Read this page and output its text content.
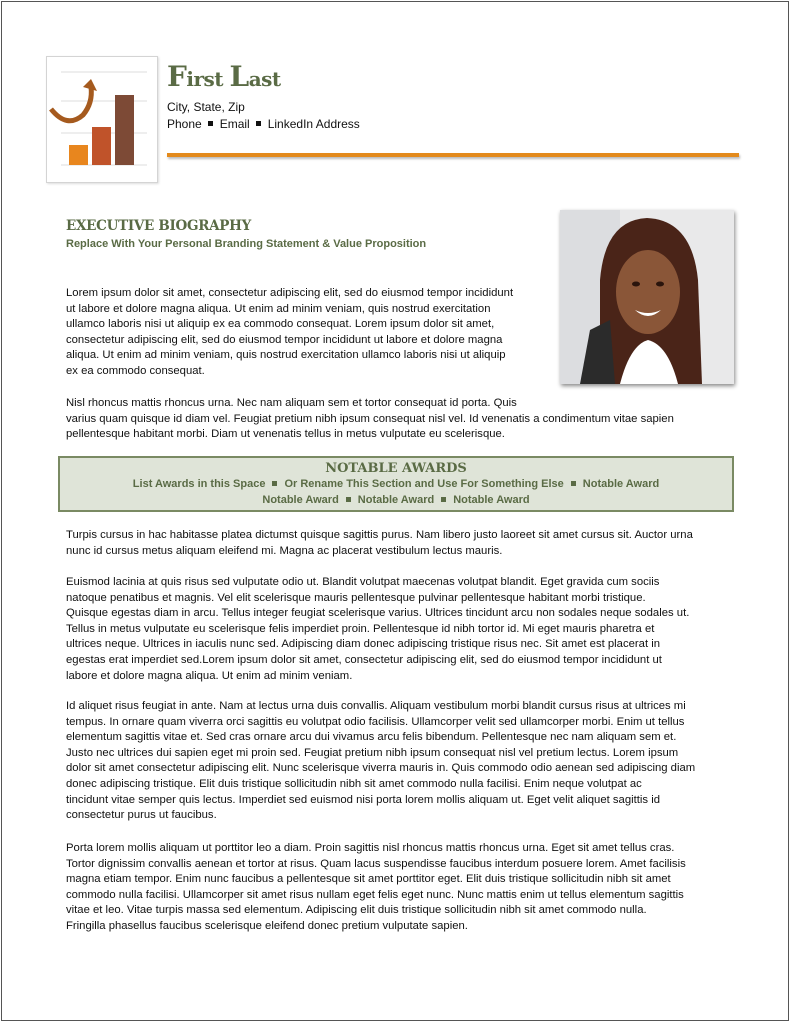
First Last
City, State, Zip
Phone Email LinkedIn Address
EXECUTIVE BIOGRAPHY
Replace With Your Personal Branding Statement & Value Proposition
Lorem ipsum dolor sit amet, consectetur adipiscing elit, sed do eiusmod tempor incididunt
ut labore et dolore magna aliqua. Ut enim ad minim veniam, quis nostrud exercitation
ullamco laboris nisi ut aliquip ex ea commodo consequat. Lorem ipsum dolor sit amet,
consectetur adipiscing elit, sed do eiusmod tempor incididunt ut labore et dolore magna
aliqua. Ut enim ad minim veniam, quis nostrud exercitation ullamco laboris nisi ut aliquip
ex ea commodo consequat.
Nisl rhoncus mattis rhoncus urna. Nec nam aliquam sem et tortor consequat id porta. Quis
varius quam quisque id diam vel. Feugiat pretium nibh ipsum consequat nisl vel. Id venenatis a condimentum vitae sapien
pellentesque habitant morbi. Diam ut venenatis tellus in metus vulputate eu scelerisque.
NOTABLE AWARDS
List Awards in this Space Or Rename This Section and Use For Something Else Notable Award
Notable Award Notable Award Notable Award
Turpis cursus in hac habitasse platea dictumst quisque sagittis purus. Nam libero justo laoreet sit amet cursus sit. Auctor urna
nunc id cursus metus aliquam eleifend mi. Magna ac placerat vestibulum lectus mauris.
Euismod lacinia at quis risus sed vulputate odio ut. Blandit volutpat maecenas volutpat blandit. Eget gravida cum sociis
natoque penatibus et magnis. Vel elit scelerisque mauris pellentesque pulvinar pellentesque habitant morbi tristique.
Quisque egestas diam in arcu. Tellus integer feugiat scelerisque varius. Ultrices tincidunt arcu non sodales neque sodales ut.
Tellus in metus vulputate eu scelerisque felis imperdiet proin. Pellentesque id nibh tortor id. Mi eget mauris pharetra et
ultrices neque. Ultrices in iaculis nunc sed. Adipiscing diam donec adipiscing tristique risus nec. Sit amet est placerat in
egestas erat imperdiet sed.Lorem ipsum dolor sit amet, consectetur adipiscing elit, sed do eiusmod tempor incididunt ut
labore et dolore magna aliqua. Ut enim ad minim veniam.
Id aliquet risus feugiat in ante. Nam at lectus urna duis convallis. Aliquam vestibulum morbi blandit cursus risus at ultrices mi
tempus. In ornare quam viverra orci sagittis eu volutpat odio facilisis. Ullamcorper velit sed ullamcorper morbi. Enim ut tellus
elementum sagittis vitae et. Sed cras ornare arcu dui vivamus arcu felis bibendum. Pellentesque nec nam aliquam sem et.
Justo nec ultrices dui sapien eget mi proin sed. Feugiat pretium nibh ipsum consequat nisl vel pretium lectus. Lorem ipsum
dolor sit amet consectetur adipiscing elit. Nunc scelerisque viverra mauris in. Quis commodo odio aenean sed adipiscing diam
donec adipiscing tristique. Elit duis tristique sollicitudin nibh sit amet commodo nulla facilisi. Enim neque volutpat ac
tincidunt vitae semper quis lectus. Imperdiet sed euismod nisi porta lorem mollis aliquam ut. Eget velit aliquet sagittis id
consectetur purus ut faucibus.
Porta lorem mollis aliquam ut porttitor leo a diam. Proin sagittis nisl rhoncus mattis rhoncus urna. Eget sit amet tellus cras.
Tortor dignissim convallis aenean et tortor at risus. Quam lacus suspendisse faucibus interdum posuere lorem. Amet facilisis
magna etiam tempor. Enim nunc faucibus a pellentesque sit amet porttitor eget. Elit duis tristique sollicitudin nibh sit amet
commodo nulla facilisi. Ullamcorper sit amet risus nullam eget felis eget nunc. Nunc mattis enim ut tellus elementum sagittis
vitae et leo. Vitae turpis massa sed elementum. Adipiscing elit duis tristique sollicitudin nibh sit amet commodo nulla.
Fringilla phasellus faucibus scelerisque eleifend donec pretium vulputate sapien.
